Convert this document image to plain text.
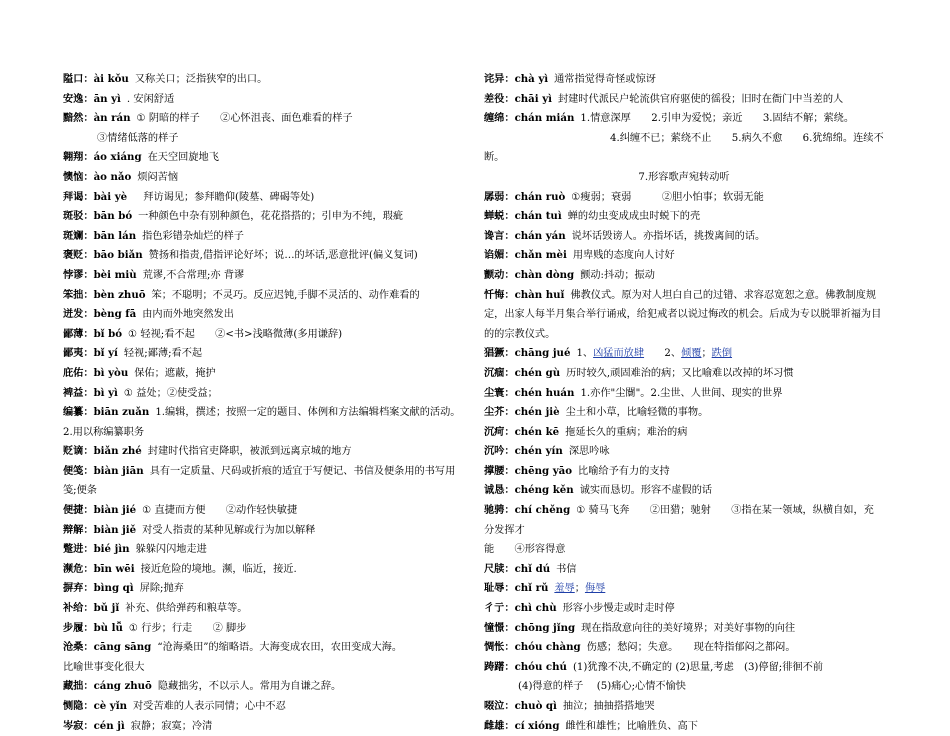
隘口：ài kǒu 又称关口；泛指狭窄的出口。

安逸：ān yì . 安闲舒适

黯然：àn rán ① 阴暗的样子　　②心怀沮丧、面色难看的样子

③情绪低落的样子

翱翔：áo xiáng 在天空回旋地飞

懊恼：ào nǎo 烦闷苦恼

拜谒：bài yè　拜访谒见；参拜瞻仰(陵墓、碑碣等处)

斑驳：bān bó 一种颜色中杂有别种颜色，花花搭搭的；引申为不纯，瑕疵

斑斓：bān lán 指色彩错杂灿烂的样子

褒贬：bāo biǎn 赞扬和指责,借指评论好坏；说…的坏话,恶意批评(偏义复词)

悖谬：bèi miù 荒谬,不合常理;亦 背谬

笨拙：bèn zhuō 笨；不聪明；不灵巧。反应迟钝,手脚不灵活的、动作难看的

迸发：bèng fā 由内而外地突然发出

鄙薄：bǐ bó ① 轻视;看不起　　②<书>浅略微薄(多用谦辞)

鄙夷：bǐ yí 轻视;鄙薄;看不起

庇佑：bì yòu 保佑；遮蔽，掩护

裨益：bì yì ① 益处；②使受益；

编纂：biān zuǎn 1.编辑，撰述；按照一定的题目、体例和方法编辑档案文献的活动。2.用以称编纂职务

贬谪：biǎn zhé 封建时代指官吏降职，被派到远离京城的地方

便笺：biàn jiān 具有一定质量、尺码或折痕的适宜于写便记、书信及便条用的书写用笺;便条

便捷：biàn jié ① 直捷而方便　　②动作轻快敏捷

辩解：biàn jiě 对受人指责的某种见解或行为加以解释

蹩进：bié jìn 躲躲闪闪地走进

濒危：bīn wēi 接近危险的境地。濒，临近，接近.

摒弃：bìng qì 屏除;抛弃

补给：bǔ jǐ 补充、供给弹药和粮草等。

步履：bù lǚ ① 行步；行走　　② 脚步

沧桑：cāng sāng “沧海桑田”的缩略语。大海变成农田，农田变成大海。

比喻世事变化很大

藏拙：cáng zhuō 隐藏拙劣，不以示人。常用为自谦之辞。

恻隐：cè yǐn 对受苦难的人表示同情；心中不忍

岑寂：cén jì 寂静；寂寞；冷清

诧异：chà yì 通常指觉得奇怪或惊讶

差役：chāi yì 封建时代派民户轮流供官府驱使的徭役；旧时在衙门中当差的人

缠绵：chán mián 1.情意深厚　　2.引申为爱悦；亲近　　3.固结不解；萦绕。

4.纠缠不已；萦绕不止　　5.病久不愈　　6.犹绵绵。连续不

断。

7.形容歌声宛转动听

孱弱：chán ruò ①瘦弱；衰弱　　　②胆小怕事；软弱无能

蝉蜕：chán tuì 蝉的幼虫变成成虫时蜕下的壳

谗言：chán yán 说坏话毁谤人。亦指坏话，挑拨离间的话。

谄媚：chǎn mèi 用卑贱的态度向人讨好

颤动：chàn dòng 颤动:抖动；振动

忏悔：chàn huǐ 佛教仪式。原为对人坦白自己的过错、求容忍宽恕之意。佛教制度规定，出家人每半月集合举行诵戒，给犯戒者以说过悔改的机会。后成为专以脱罪祈福为目的的宗教仪式。

猖獗：chāng jué 1、凶猛而放肆　　2、倾覆；跌倒

沉痼：chén gù 历时较久,顽固难治的病；又比喻难以改掉的坏习惯

尘寰：chén huán 1.亦作"尘闤"。2.尘世、人世间、现实的世界

尘芥：chén jiè 尘土和小草，比喻轻微的事物。

沉疴：chén kē 拖延长久的重病；难治的病

沉吟：chén yín 深思吟咏

撑腰：chēng yāo 比喻给予有力的支持

诚恳：chéng kěn 诚实而恳切。形容不虚假的话

驰骋：chí chěng ① 骑马飞奔　　②田猎；驰射　　③指在某一领域，纵横自如，充分发挥才

能　　④形容得意

尺牍：chǐ dú 书信

耻辱：chǐ rǔ 羞辱；侮辱

彳亍：chì chù 形容小步慢走或时走时停

憧憬：chōng jǐng 现在指敌意向往的美好境界；对美好事物的向往

惆怅：chóu chàng 伤感；愁闷；失意。　　现在特指郁闷之都闷。

踌躇：chóu chú (1)犹豫不决,不确定的 (2)思量,考虑　(3)停留;徘徊不前

(4)得意的样子　 (5)痛心;心情不愉快

啜泣：chuò qì 抽泣；抽抽搭搭地哭

雌雄：cí xióng 雌性和雄性；比喻胜负、高下
